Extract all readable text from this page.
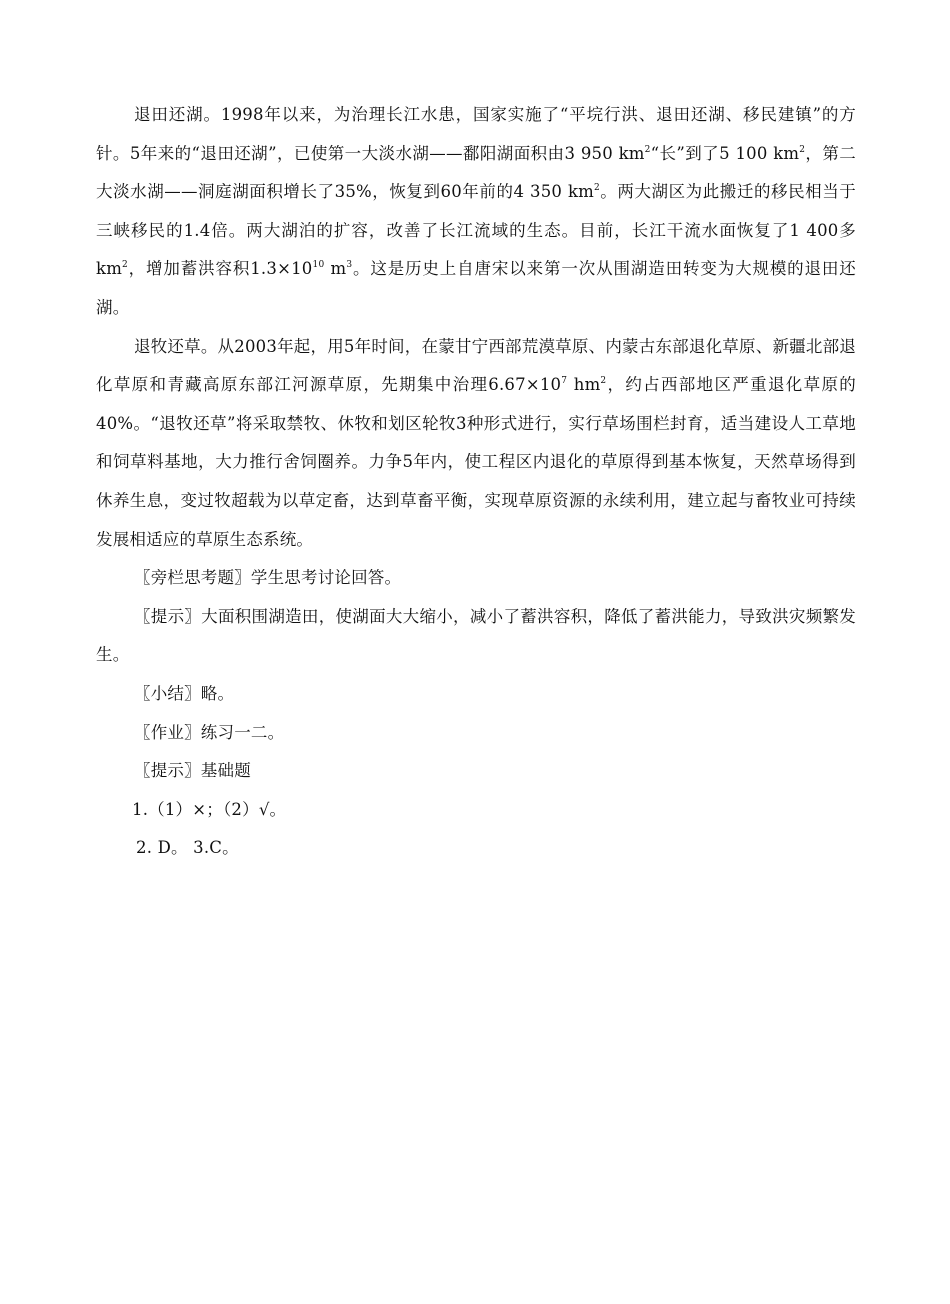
退田还湖。1998年以来，为治理长江水患，国家实施了“平垸行洪、退田还湖、移民建镇”的方针。5年来的“退田还湖”，已使第一大淡水湖——鄱阳湖面积由3 950 $km^2“$长”到了5 100 $km^2$，第二大淡水湖——洞庭湖面积增长了35%，恢复到60年前的4 350 $km^2$。两大湖区为此搬迁的移民相当于三峡移民的1.4倍。两大湖泊的扩容，改善了长江流域的生态。目前，长江干流水面恢复了1 400多$km^2$，增加蓄洪容积$1.3\times 10^{10}$ $m^3$。这是历史上自唐宋以来第一次从围湖造田转变为大规模的退田还湖。

退牧还草。从2003年起，用5年时间，在蒙甘宁西部荒漠草原、内蒙古东部退化草原、新疆北部退化草原和青藏高原东部江河源草原，先期集中治理$6.67\times 10^7$ $hm^2$，约占西部地区严重退化草原的40%。“退牧还草”将采取禁牧、休牧和划区轮牧3种形式进行，实行草场围栏封育，适当建设人工草地和饲草料基地，大力推行舍饲圈养。力争5年内，使工程区内退化的草原得到基本恢复，天然草场得到休养生息，变过牧超载为以草定畜，达到草畜平衡，实现草原资源的永续利用，建立起与畜牧业可持续发展相适应的草原生态系统。

〖旁栏思考题〗学生思考讨论回答。

〖提示〗大面积围湖造田，使湖面大大缩小，减小了蓄洪容积，降低了蓄洪能力，导致洪灾频繁发生。

〖小结〗略。

〖作业〗练习一二。

〖提示〗基础题

1.（1）×；（2）√。

2. D。 3.C。
